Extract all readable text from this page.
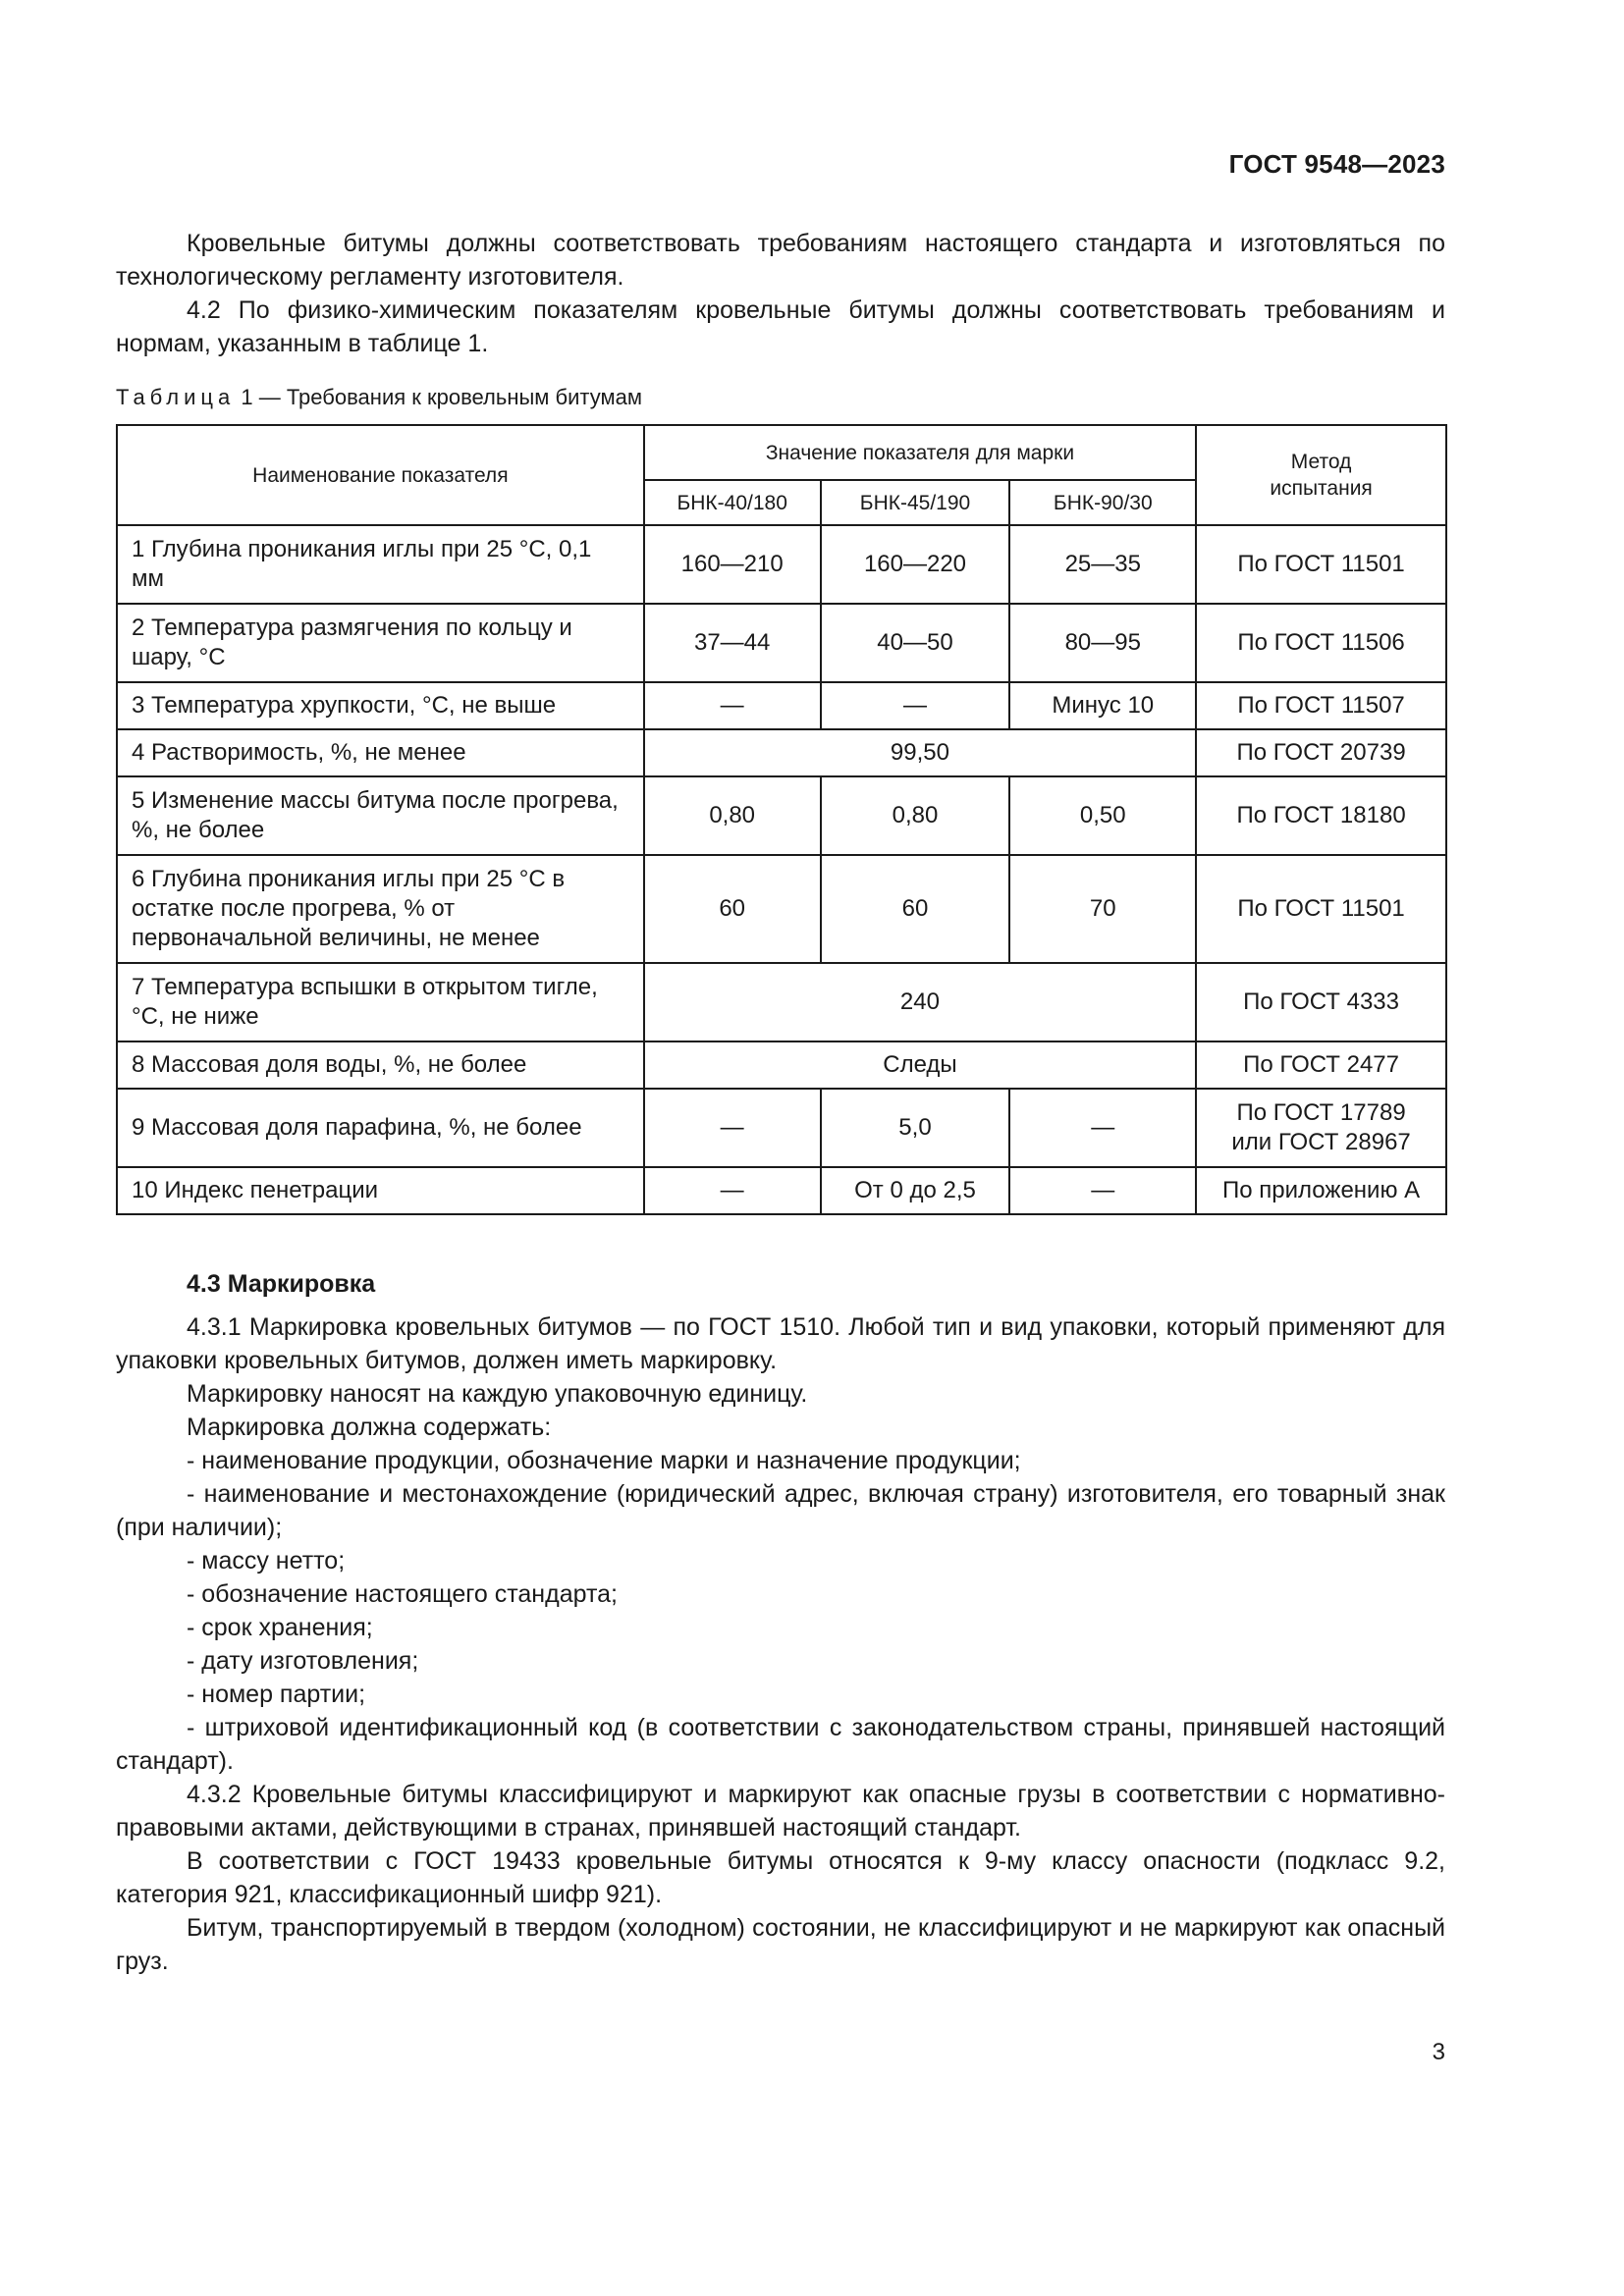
ГОСТ 9548—2023

Кровельные битумы должны соответствовать требованиям настоящего стандарта и изготовляться по технологическому регламенту изготовителя.

4.2 По физико-химическим показателям кровельные битумы должны соответствовать требованиям и нормам, указанным в таблице 1.

Таблица 1 — Требования к кровельным битумам
Наименование показателя	Значение показателя для марки			Метод испытания
	БНК-40/180	БНК-45/190	БНК-90/30	
1 Глубина проникания иглы при 25 °С, 0,1 мм	160—210	160—220	25—35	По ГОСТ 11501
2 Температура размягчения по кольцу и шару, °С	37—44	40—50	80—95	По ГОСТ 11506
3 Температура хрупкости, °С, не выше	—	—	Минус 10	По ГОСТ 11507
4 Растворимость, %, не менее	99,50			По ГОСТ 20739
5 Изменение массы битума после прогрева, %, не более	0,80	0,80	0,50	По ГОСТ 18180
6 Глубина проникания иглы при 25 °С в остатке после прогрева, % от первоначальной величины, не менее	60	60	70	По ГОСТ 11501
7 Температура вспышки в открытом тигле, °С, не ниже	240			По ГОСТ 4333
8 Массовая доля воды, %, не более	Следы			По ГОСТ 2477
9 Массовая доля парафина, %, не более	—	5,0	—	По ГОСТ 17789
или ГОСТ 28967

10 Индекс пенетрации	—	От 0 до 2,5	—	По приложению А
4.3 Маркировка

4.3.1 Маркировка кровельных битумов — по ГОСТ 1510. Любой тип и вид упаковки, который применяют для упаковки кровельных битумов, должен иметь маркировку.

Маркировку наносят на каждую упаковочную единицу.

Маркировка должна содержать:

- наименование продукции, обозначение марки и назначение продукции;

- наименование и местонахождение (юридический адрес, включая страну) изготовителя, его товарный знак (при наличии);

- массу нетто;

- обозначение настоящего стандарта;

- срок хранения;

- дату изготовления;

- номер партии;

- штриховой идентификационный код (в соответствии с законодательством страны, принявшей настоящий стандарт).

4.3.2 Кровельные битумы классифицируют и маркируют как опасные грузы в соответствии с нормативно-правовыми актами, действующими в странах, принявшей настоящий стандарт.

В соответствии с ГОСТ 19433 кровельные битумы относятся к 9-му классу опасности (подкласс 9.2, категория 921, классификационный шифр 921).

Битум, транспортируемый в твердом (холодном) состоянии, не классифицируют и не маркируют как опасный груз.

3
